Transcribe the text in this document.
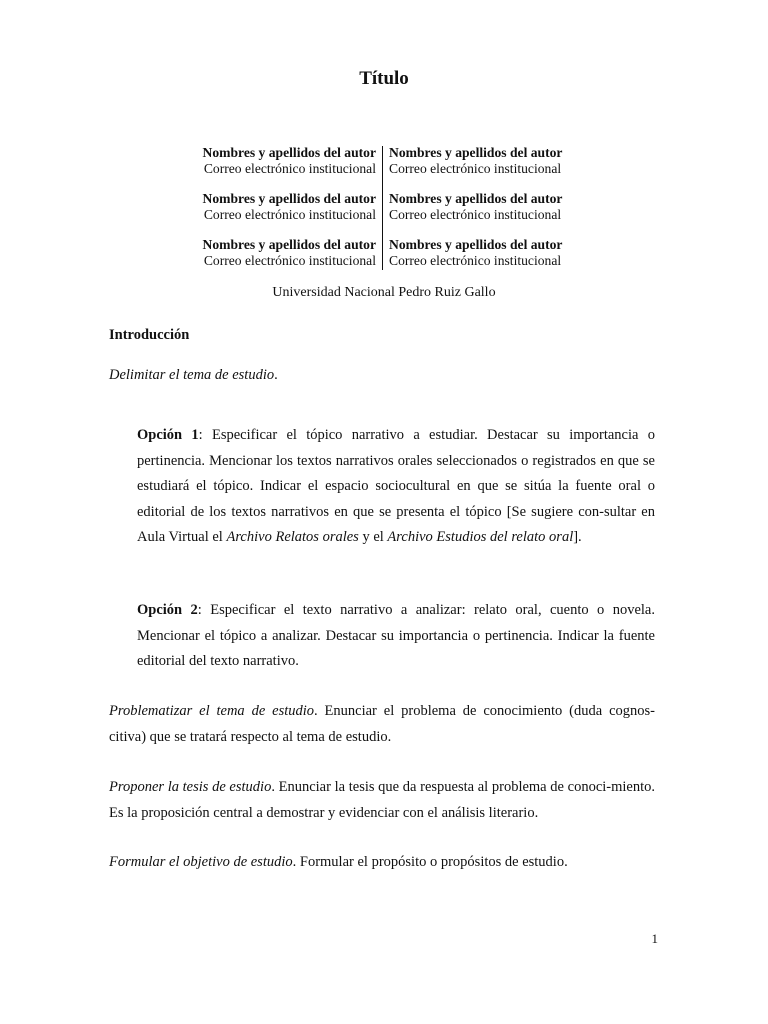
Título
Nombres y apellidos del autor
Correo electrónico institucional
Nombres y apellidos del autor
Correo electrónico institucional
Nombres y apellidos del autor
Correo electrónico institucional
Nombres y apellidos del autor
Correo electrónico institucional
Nombres y apellidos del autor
Correo electrónico institucional
Nombres y apellidos del autor
Correo electrónico institucional
Universidad Nacional Pedro Ruiz Gallo
Introducción

Delimitar el tema de estudio.

Opción 1: Especificar el tópico narrativo a estudiar. Destacar su importancia o pertinencia. Mencionar los textos narrativos orales seleccionados o registrados en que se estudiará el tópico. Indicar el espacio sociocultural en que se sitúa la fuente oral o editorial de los textos narrativos en que se presenta el tópico [Se sugiere con-sultar en Aula Virtual el Archivo Relatos orales y el Archivo Estudios del relato oral].

Opción 2: Especificar el texto narrativo a analizar: relato oral, cuento o novela. Mencionar el tópico a analizar. Destacar su importancia o pertinencia. Indicar la fuente editorial del texto narrativo.

Problematizar el tema de estudio. Enunciar el problema de conocimiento (duda cognos-citiva) que se tratará respecto al tema de estudio.

Proponer la tesis de estudio. Enunciar la tesis que da respuesta al problema de conoci-miento. Es la proposición central a demostrar y evidenciar con el análisis literario.

Formular el objetivo de estudio. Formular el propósito o propósitos de estudio.

1
